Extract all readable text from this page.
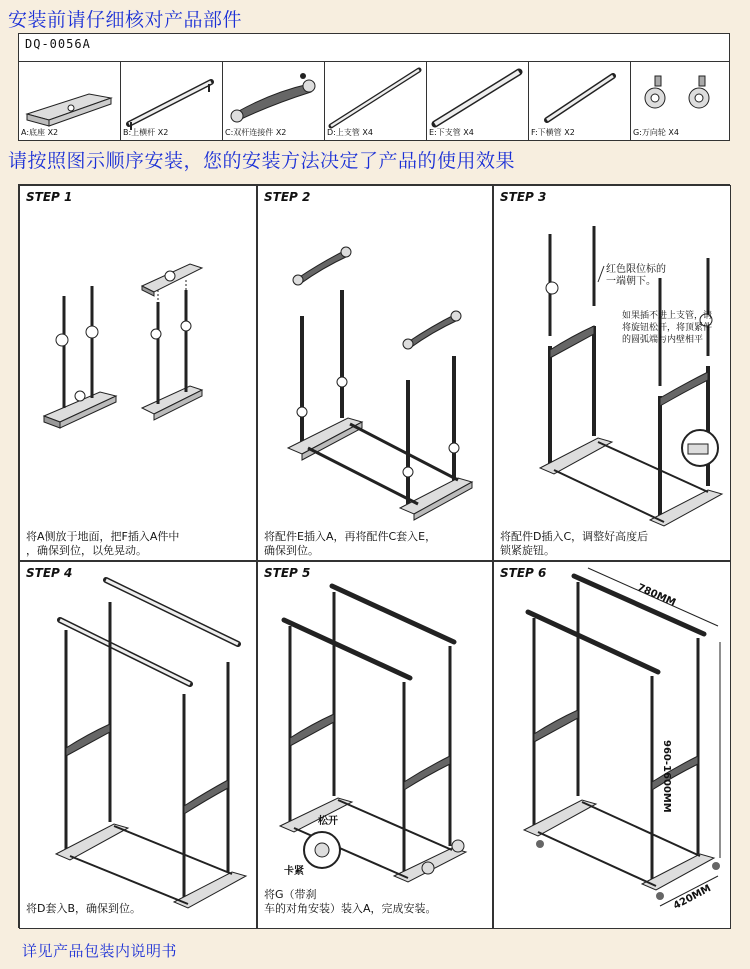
安装前请仔细核对产品部件
DQ-0056A
A:底座 X2	B:上横杆 X2	C:双杆连接件 X2	D:上支管 X4	E:下支管 X4	F:下横管 X2	G:万向轮 X4
请按照图示顺序安装，您的安装方法决定了产品的使用效果
STEP 1
将A侧放于地面，把F插入A件中
，确保到位，以免晃动。
STEP 2
将配件E插入A，再将配件C套入E，
确保到位。
STEP 3
红色限位标的
一端朝下。
如果插不进上支管，请
将旋钮松开，将顶紧件
的圆弧端与内壁相平
将配件D插入C，调整好高度后
锁紧旋钮。
STEP 4
将D套入B，确保到位。
STEP 5
松开
卡紧
将G（带刹
车的对角安装）装入A，完成安装。
STEP 6
780MM
960-1600MM
420MM
详见产品包装内说明书
